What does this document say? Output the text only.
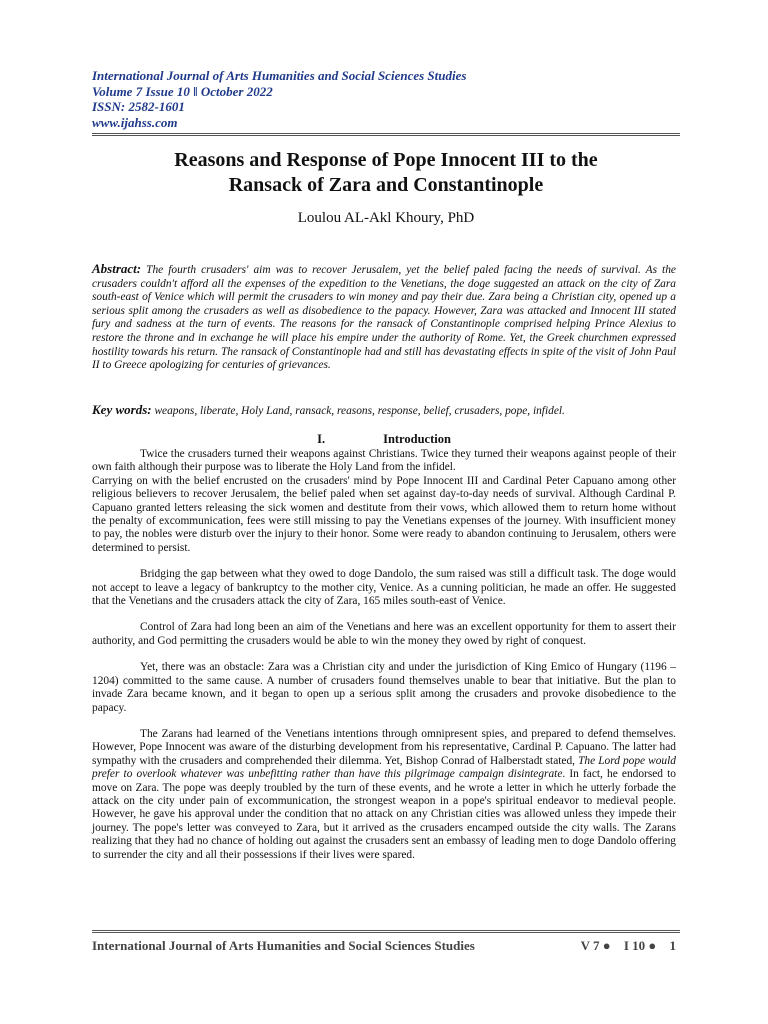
International Journal of Arts Humanities and Social Sciences Studies
Volume 7 Issue 10 ǁ October 2022
ISSN: 2582-1601
www.ijahss.com
Reasons and Response of Pope Innocent III to the
Ransack of Zara and Constantinople
Loulou AL-Akl Khoury, PhD
Abstract: The fourth crusaders' aim was to recover Jerusalem, yet the belief paled facing the needs of survival. As the crusaders couldn't afford all the expenses of the expedition to the Venetians, the doge suggested an attack on the city of Zara south-east of Venice which will permit the crusaders to win money and pay their due. Zara being a Christian city, opened up a serious split among the crusaders as well as disobedience to the papacy. However, Zara was attacked and Innocent III stated fury and sadness at the turn of events. The reasons for the ransack of Constantinople comprised helping Prince Alexius to restore the throne and in exchange he will place his empire under the authority of Rome. Yet, the Greek churchmen expressed hostility towards his return. The ransack of Constantinople had and still has devastating effects in spite of the visit of John Paul II to Greece apologizing for centuries of grievances.
Key words: weapons, liberate, Holy Land, ransack, reasons, response, belief, crusaders, pope, infidel.
I.	Introduction

Twice the crusaders turned their weapons against Christians. Twice they turned their weapons against people of their own faith although their purpose was to liberate the Holy Land from the infidel.

Carrying on with the belief encrusted on the crusaders' mind by Pope Innocent III and Cardinal Peter Capuano among other religious believers to recover Jerusalem, the belief paled when set against day-to-day needs of survival. Although Cardinal P. Capuano granted letters releasing the sick women and destitute from their vows, which allowed them to return home without the penalty of excommunication, fees were still missing to pay the Venetians expenses of the journey. With insufficient money to pay, the nobles were disturb over the injury to their honor. Some were ready to abandon continuing to Jerusalem, others were determined to persist.

Bridging the gap between what they owed to doge Dandolo, the sum raised was still a difficult task. The doge would not accept to leave a legacy of bankruptcy to the mother city, Venice. As a cunning politician, he made an offer. He suggested that the Venetians and the crusaders attack the city of Zara, 165 miles south-east of Venice.

Control of Zara had long been an aim of the Venetians and here was an excellent opportunity for them to assert their authority, and God permitting the crusaders would be able to win the money they owed by right of conquest.

Yet, there was an obstacle: Zara was a Christian city and under the jurisdiction of King Emico of Hungary (1196 – 1204) committed to the same cause. A number of crusaders found themselves unable to bear that initiative. But the plan to invade Zara became known, and it began to open up a serious split among the crusaders and provoke disobedience to the papacy.

The Zarans had learned of the Venetians intentions through omnipresent spies, and prepared to defend themselves. However, Pope Innocent was aware of the disturbing development from his representative, Cardinal P. Capuano. The latter had sympathy with the crusaders and comprehended their dilemma. Yet, Bishop Conrad of Halberstadt stated, The Lord pope would prefer to overlook whatever was unbefitting rather than have this pilgrimage campaign disintegrate. In fact, he endorsed to move on Zara. The pope was deeply troubled by the turn of these events, and he wrote a letter in which he utterly forbade the attack on the city under pain of excommunication, the strongest weapon in a pope's spiritual endeavor to medieval people. However, he gave his approval under the condition that no attack on any Christian cities was allowed unless they impede their journey. The pope's letter was conveyed to Zara, but it arrived as the crusaders encamped outside the city walls. The Zarans realizing that they had no chance of holding out against the crusaders sent an embassy of leading men to doge Dandolo offering to surrender the city and all their possessions if their lives were spared.

International Journal of Arts Humanities and Social Sciences Studies	V 7 ● I 10 ● 1
